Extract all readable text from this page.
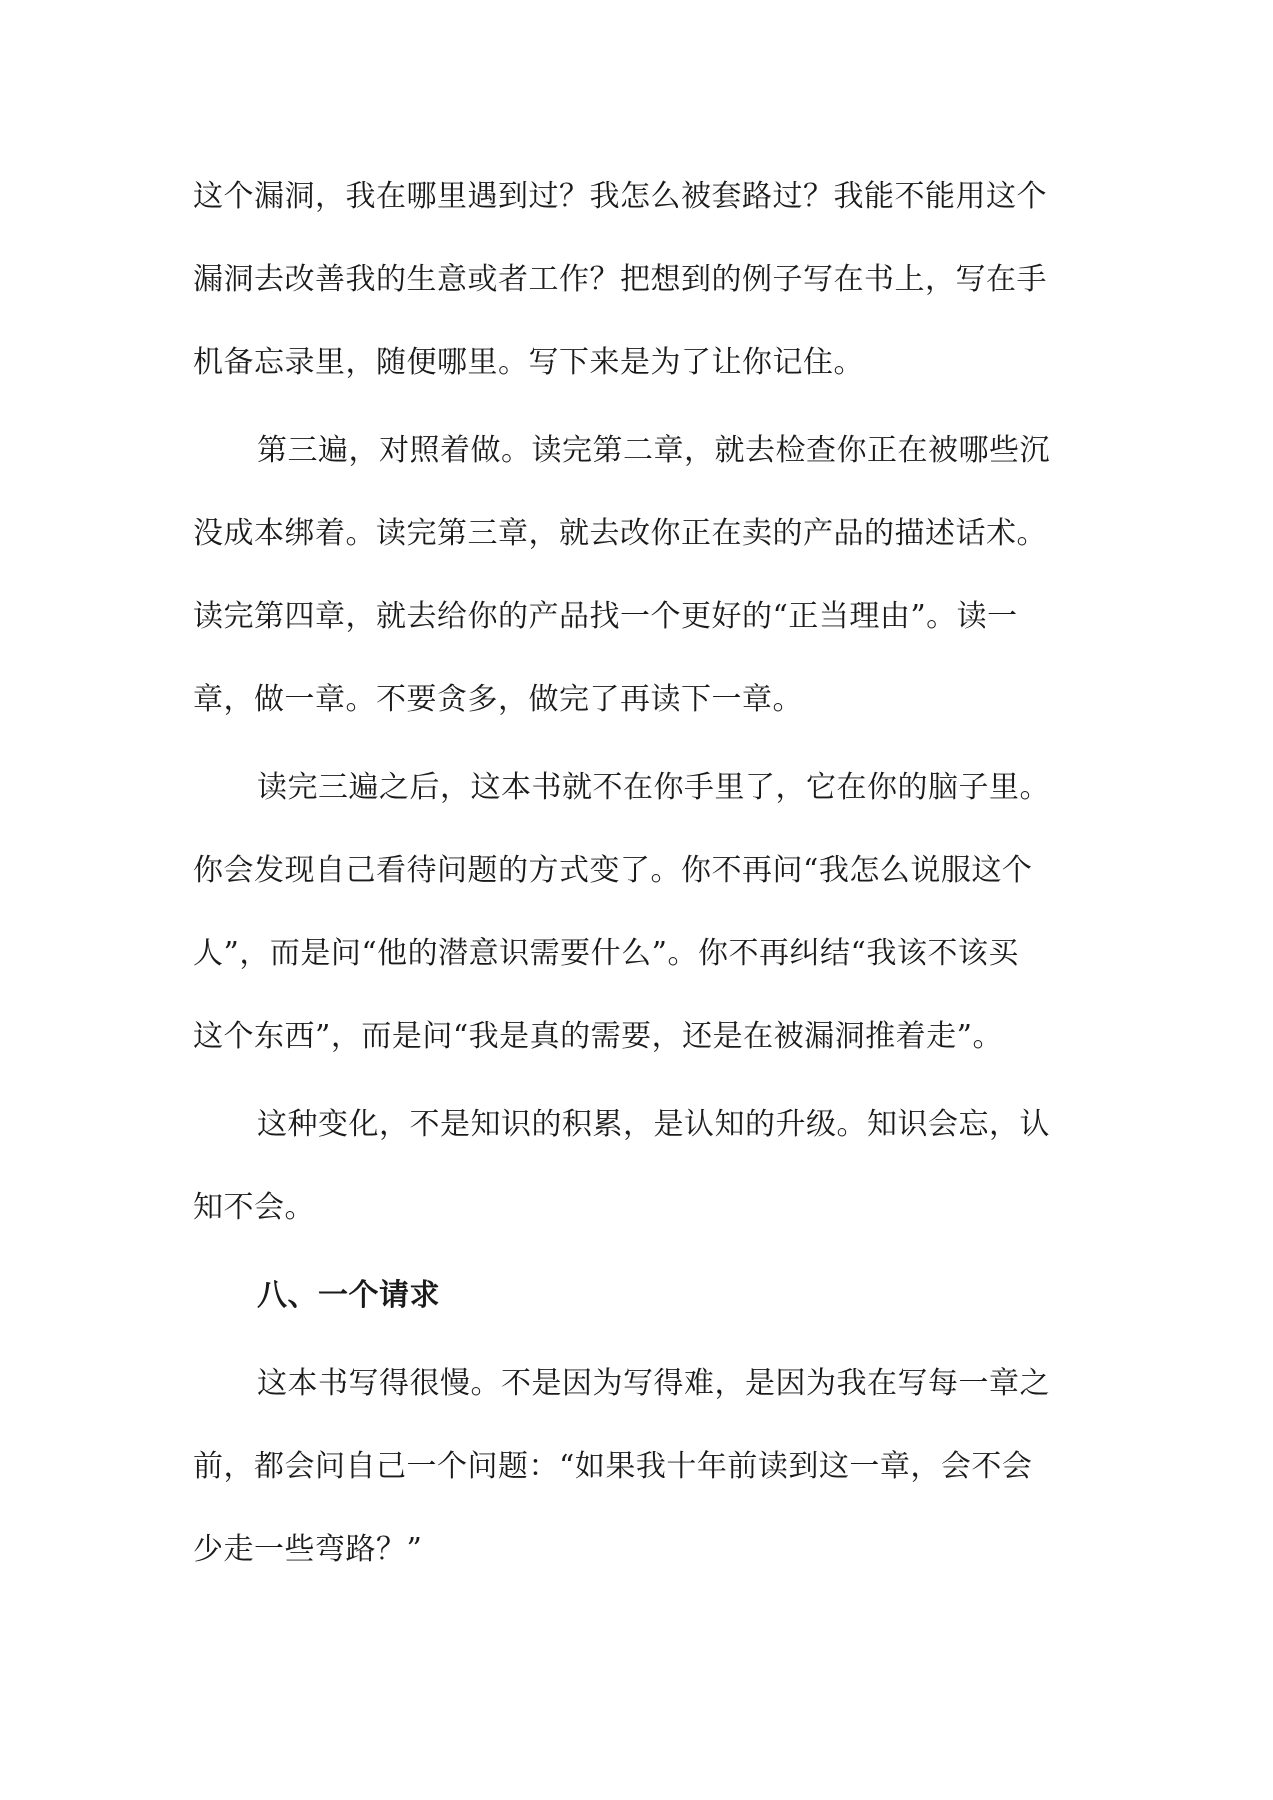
这个漏洞，我在哪里遇到过？我怎么被套路过？我能不能用这个
漏洞去改善我的生意或者工作？把想到的例子写在书上，写在手
机备忘录里，随便哪里。写下来是为了让你记住。
第三遍，对照着做。读完第二章，就去检查你正在被哪些沉
没成本绑着。读完第三章，就去改你正在卖的产品的描述话术。
读完第四章，就去给你的产品找一个更好的“正当理由”。读一
章，做一章。不要贪多，做完了再读下一章。
读完三遍之后，这本书就不在你手里了，它在你的脑子里。
你会发现自己看待问题的方式变了。你不再问“我怎么说服这个
人”，而是问“他的潜意识需要什么”。你不再纠结“我该不该买
这个东西”，而是问“我是真的需要，还是在被漏洞推着走”。
这种变化，不是知识的积累，是认知的升级。知识会忘，认
知不会。
八、一个请求
这本书写得很慢。不是因为写得难，是因为我在写每一章之
前，都会问自己一个问题：“如果我十年前读到这一章，会不会
少走一些弯路？”
